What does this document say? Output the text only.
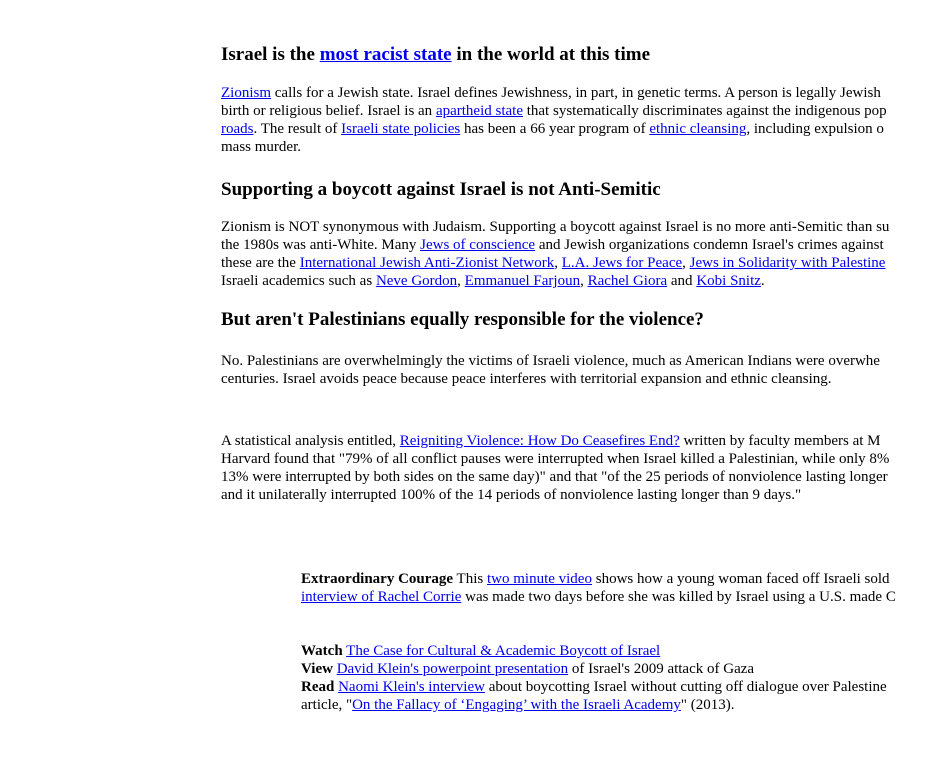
Israel is the most racist state in the world at this time
Zionism calls for a Jewish state. Israel defines Jewishness, in part, in genetic terms. A person is legally Jewish
birth or religious belief. Israel is an apartheid state that systematically discriminates against the indigenous pop
roads. The result of Israeli state policies has been a 66 year program of ethnic cleansing, including expulsion o
mass murder.
Supporting a boycott against Israel is not Anti-Semitic
Zionism is NOT synonymous with Judaism. Supporting a boycott against Israel is no more anti-Semitic than su
the 1980s was anti-White. Many Jews of conscience and Jewish organizations condemn Israel's crimes against
these are the International Jewish Anti-Zionist Network, L.A. Jews for Peace, Jews in Solidarity with Palestine
Israeli academics such as Neve Gordon, Emmanuel Farjoun, Rachel Giora and Kobi Snitz.
But aren't Palestinians equally responsible for the violence?
No. Palestinians are overwhelmingly the victims of Israeli violence, much as American Indians were overwhe
centuries. Israel avoids peace because peace interferes with territorial expansion and ethnic cleansing.
A statistical analysis entitled, Reigniting Violence: How Do Ceasefires End? written by faculty members at M
Harvard found that "79% of all conflict pauses were interrupted when Israel killed a Palestinian, while only 8%
13% were interrupted by both sides on the same day)" and that "of the 25 periods of nonviolence lasting longer
and it unilaterally interrupted 100% of the 14 periods of nonviolence lasting longer than 9 days."
Extraordinary Courage This two minute video shows how a young woman faced off Israeli sold
interview of Rachel Corrie was made two days before she was killed by Israel using a U.S. made C
Watch The Case for Cultural & Academic Boycott of Israel
View David Klein's powerpoint presentation of Israel's 2009 attack of Gaza
Read Naomi Klein's interview about boycotting Israel without cutting off dialogue over Palestine
article, "On the Fallacy of ‘Engaging’ with the Israeli Academy" (2013).
